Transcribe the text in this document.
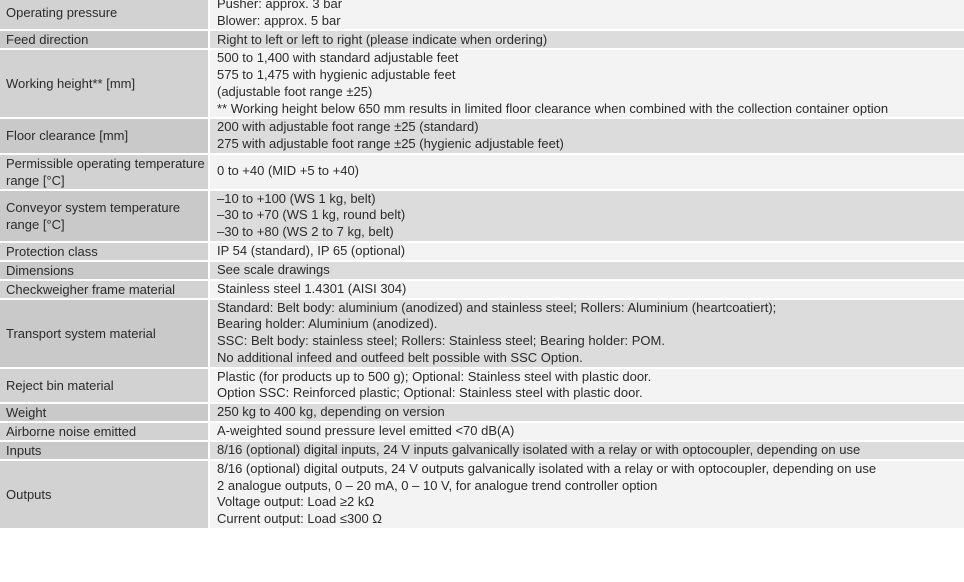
Operating pressure		Pusher: approx. 3 bar
Blower: approx. 5 bar

Feed direction		Right to left or left to right (please indicate when ordering)

Working height** [mm]		500 to 1,400 with standard adjustable feet
575 to 1,475 with hygienic adjustable feet
(adjustable foot range ±25)
** Working height below 650 mm results in limited floor clearance when combined with the collection container option

Floor clearance [mm]		200 with adjustable foot range ±25 (standard)
275 with adjustable foot range ±25 (hygienic adjustable feet)

Permissible operating temperature range [°C]		0 to +40 (MID +5 to +40)

Conveyor system temperature range [°C]		–10 to +100 (WS 1 kg, belt)
–30 to +70 (WS 1 kg, round belt)
–30 to +80 (WS 2 to 7 kg, belt)

Protection class		IP 54 (standard), IP 65 (optional)

Dimensions		See scale drawings

Checkweigher frame material		Stainless steel 1.4301 (AISI 304)

Transport system material		Standard: Belt body: aluminium (anodized) and stainless steel; Rollers: Aluminium (heartcoatiert);
Bearing holder: Aluminium (anodized).
SSC: Belt body: stainless steel; Rollers: Stainless steel; Bearing holder: POM.
No additional infeed and outfeed belt possible with SSC Option.

Reject bin material		Plastic (for products up to 500 g); Optional: Stainless steel with plastic door.
Option SSC: Reinforced plastic; Optional: Stainless steel with plastic door.

Weight		250 kg to 400 kg, depending on version

Airborne noise emitted		A-weighted sound pressure level emitted <70 dB(A)

Inputs		8/16 (optional) digital inputs, 24 V inputs galvanically isolated with a relay or with optocoupler, depending on use

Outputs		8/16 (optional) digital outputs, 24 V outputs galvanically isolated with a relay or with optocoupler, depending on use
2 analogue outputs, 0 – 20 mA, 0 – 10 V, for analogue trend controller option
Voltage output: Load ≥2 kΩ
Current output: Load ≤300 Ω
